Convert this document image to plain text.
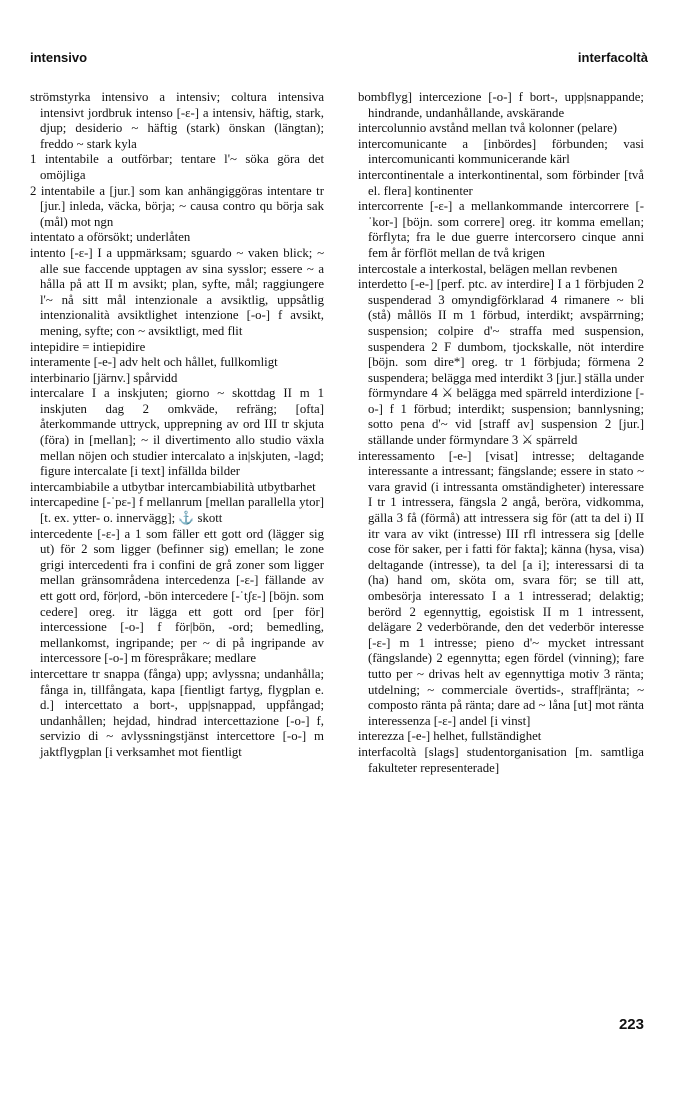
intensivo	interfacoltà

strömstyrka intensivo a intensiv; coltura intensiva intensivt jordbruk intenso [-ɛ-] a intensiv, häftig, stark, djup; desiderio ~ häftig (stark) önskan (längtan); freddo ~ stark kyla

1 intentabile a outförbar; tentare l'~ söka göra det omöjliga

2 intentabile a [jur.] som kan anhängiggöras intentare tr [jur.] inleda, väcka, börja; ~ causa contro qu börja sak (mål) mot ngn

intentato a oförsökt; underlåten

intento [-ɛ-] I a uppmärksam; sguardo ~ vaken blick; ~ alle sue faccende upptagen av sina sysslor; essere ~ a hålla på att II m avsikt; plan, syfte, mål; raggiungere l'~ nå sitt mål intenzionale a avsiktlig, uppsåtlig intenzionalità avsiktlighet intenzione [-o-] f avsikt, mening, syfte; con ~ avsiktligt, med flit

intepidire = intiepidire

interamente [-e-] adv helt och hållet, fullkomligt

interbinario [järnv.] spårvidd

intercalare I a inskjuten; giorno ~ skottdag II m 1 inskjuten dag 2 omkväde, refräng; [ofta] återkommande uttryck, upprepning av ord III tr skjuta (föra) in [mellan]; ~ il divertimento allo studio växla mellan nöjen och studier intercalato a in|skjuten, -lagd; figure intercalate [i text] infällda bilder

intercambiabile a utbytbar intercambiabilità utbytbarhet

intercapedine [-ˈpɛ-] f mellanrum [mellan parallella ytor] [t. ex. ytter- o. innervägg]; ⚓ skott

intercedente [-ɛ-] a 1 som fäller ett gott ord (lägger sig ut) för 2 som ligger (befinner sig) emellan; le zone grigi intercedenti fra i confini de grå zoner som ligger mellan gränsområdena intercedenza [-ɛ-] fällande av ett gott ord, för|ord, -bön intercedere [-ˈtʃɛ-] [böjn. som cedere] oreg. itr lägga ett gott ord [per för] intercessione [-o-] f för|bön, -ord; bemedling, mellankomst, ingripande; per ~ di på ingripande av intercessore [-o-] m förespråkare; medlare

intercettare tr snappa (fånga) upp; avlyssna; undanhålla; fånga in, tillfångata, kapa [fientligt fartyg, flygplan e. d.] intercettato a bort-, upp|snappad, uppfångad; undanhållen; hejdad, hindrad intercettazione [-o-] f, servizio di ~ avlyssningstjänst intercettore [-o-] m jaktflygplan [i verksamhet mot fientligt

bombflyg] intercezione [-o-] f bort-, upp|snappande; hindrande, undanhållande, avskärande

intercolunnio avstånd mellan två kolonner (pelare)

intercomunicante a [inbördes] förbunden; vasi intercomunicanti kommunicerande kärl

intercontinentale a interkontinental, som förbinder [två el. flera] kontinenter

intercorrente [-ɛ-] a mellankommande intercorrere [-ˈkor-] [böjn. som correre] oreg. itr komma emellan; förflyta; fra le due guerre intercorsero cinque anni fem år förflöt mellan de två krigen

intercostale a interkostal, belägen mellan revbenen

interdetto [-e-] [perf. ptc. av interdire] I a 1 förbjuden 2 suspenderad 3 omyndigförklarad 4 rimanere ~ bli (stå) mållös II m 1 förbud, interdikt; avspärrning; suspension; colpire d'~ straffa med suspension, suspendera 2 F dumbom, tjockskalle, nöt interdire [böjn. som dire*] oreg. tr 1 förbjuda; förmena 2 suspendera; belägga med interdikt 3 [jur.] ställa under förmyndare 4 ⚔ belägga med spärreld interdizione [-o-] f 1 förbud; interdikt; suspension; bannlysning; sotto pena d'~ vid [straff av] suspension 2 [jur.] ställande under förmyndare 3 ⚔ spärreld

interessamento [-e-] [visat] intresse; deltagande interessante a intressant; fängslande; essere in stato ~ vara gravid (i intressanta omständigheter) interessare I tr 1 intressera, fängsla 2 angå, beröra, vidkomma, gälla 3 få (förmå) att intressera sig för (att ta del i) II itr vara av vikt (intresse) III rfl intressera sig [delle cose för saker, per i fatti för fakta]; känna (hysa, visa) deltagande (intresse), ta del [a i]; interessarsi di ta (ha) hand om, sköta om, svara för; se till att, ombesörja interessato I a 1 intresserad; delaktig; berörd 2 egennyttig, egoistisk II m 1 intressent, delägare 2 vederbörande, den det vederbör interesse [-ɛ-] m 1 intresse; pieno d'~ mycket intressant (fängslande) 2 egennytta; egen fördel (vinning); fare tutto per ~ drivas helt av egennyttiga motiv 3 ränta; utdelning; ~ commerciale övertids-, straff|ränta; ~ composto ränta på ränta; dare ad ~ låna [ut] mot ränta interessenza [-ɛ-] andel [i vinst]

interezza [-e-] helhet, fullständighet

interfacoltà [slags] studentorganisation [m. samtliga fakulteter representerade]

223
